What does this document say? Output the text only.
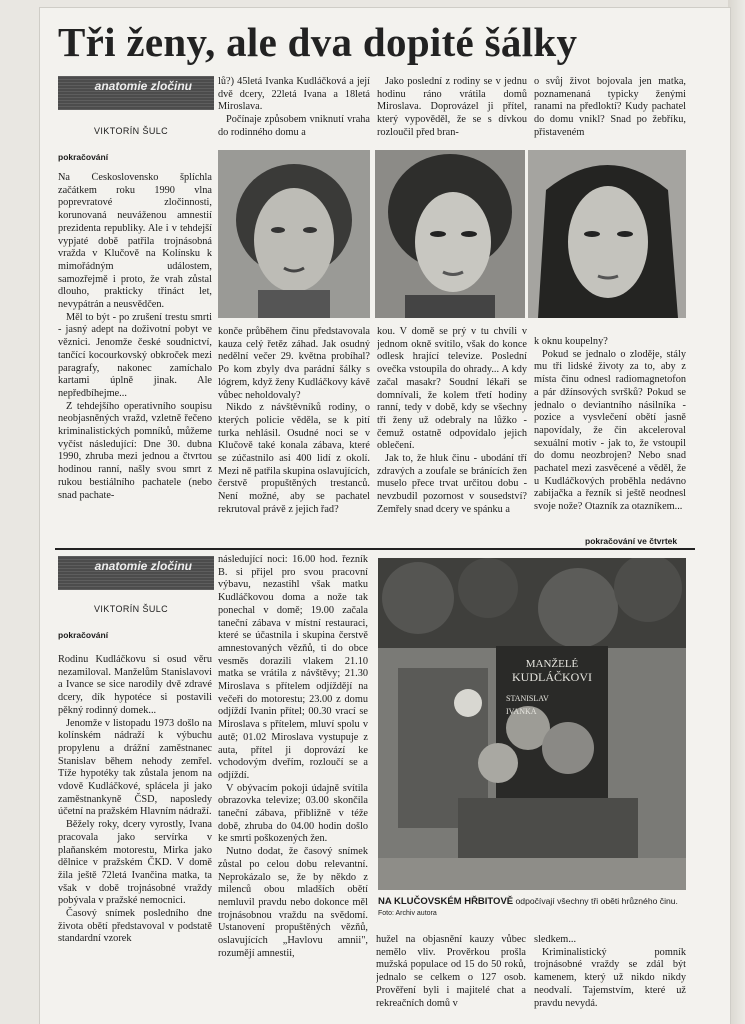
Tři ženy, ale dva dopité šálky
anatomie zločinu
VIKTORÍN ŠULC
pokračování

Na Československo šplíchla začátkem roku 1990 vlna poprevratové zločinnosti, korunovaná neuváženou amnestií prezidenta republiky. Ale i v tehdejší vypjaté době patřila trojnásobná vražda v Klučově na Kolínsku k mimořádným událostem, samozřejmě i proto, že vrah zůstal dlouho, prakticky třináct let, nevypátrán a neusvědčen.

Měl to být - po zrušení trestu smrti - jasný adept na doživotní pobyt ve věznici. Jenomže české soudnictví, tančící kocourkovský obkroček mezi paragrafy, nakonec zamíchalo kartami úplně jinak. Ale nepředbíhejme...

Z tehdejšího operativního soupisu neobjasněných vražd, vzletně řečeno kriminalistických pomníků, můžeme vyčíst následující: Dne 30. dubna 1990, zhruba mezi jednou a čtvrtou hodinou ranní, našly svou smrt z rukou bestiálního pachatele (nebo snad pachate-

lů?) 45letá Ivanka Kudláčková a její dvě dcery, 22letá Ivana a 18letá Miroslava.

Počínaje způsobem vniknutí vraha do rodinného domu a

Jako poslední z rodiny se v jednu hodinu ráno vrátila domů Miroslava. Doprovázel ji přítel, který vypověděl, že se s dívkou rozloučil před bran-

o svůj život bojovala jen matka, poznamenaná typicky ženými ranami na předloktí? Kudy pachatel do domu vnikl? Snad po žebříku, přistaveném

konče průběhem činu představovala kauza celý řetěz záhad. Jak osudný nedělní večer 29. května probíhal? Po kom zbyly dva parádní šálky s lógrem, když ženy Kudláčkovy kávě vůbec neholdovaly?

Nikdo z návštěvníků rodiny, o kterých policie věděla, se k pití turka nehlásil. Osudné noci se v Klučově také konala zábava, které se zúčastnilo asi 400 lidí z okolí. Mezi ně patřila skupina oslavujících, čerstvě propuštěných trestanců. Není možné, aby se pachatel rekrutoval právě z jejich řad?

kou. V domě se prý v tu chvíli v jednom okně svítilo, však do konce odlesk hrající televize. Poslední ovečka vstoupila do ohrady... A kdy začal masakr? Soudní lékaři se domnívali, že kolem třetí hodiny ranní, tedy v době, kdy se všechny tři ženy už odebraly na lůžko - čemuž ostatně odpovídalo jejich oblečení.

Jak to, že hluk činu - ubodání tří zdravých a zoufale se bránících žen muselo přece trvat určitou dobu - nevzbudil pozornost v sousedství? Zemřely snad dcery ve spánku a

k oknu koupelny?

Pokud se jednalo o zloděje, stály mu tři lidské životy za to, aby z místa činu odnesl radiomagnetofon a pár džínsových svršků? Pokud se jednalo o deviantního násilníka - pozice a vysvlečení obětí jasně napovídaly, že čin akceleroval sexuální motiv - jak to, že vstoupil do domu neozbrojen? Nebo snad pachatel mezi zasvěcené a věděl, že u Kudláčkových proběhla nedávno zabijačka a řezník si ještě neodnesl svoje nože? Otazník za otazníkem...

pokračování ve čtvrtek
anatomie zločinu
VIKTORÍN ŠULC
pokračování

Rodinu Kudláčkovu si osud věru nezamiloval. Manželům Stanislavovi a Ivance se sice narodily dvě zdravé dcery, dík hypotéce si postavili pěkný rodinný domek...

Jenomže v listopadu 1973 došlo na kolínském nádraží k výbuchu propylenu a drážní zaměstnanec Stanislav během nehody zemřel. Tíže hypotéky tak zůstala jenom na vdově Kudláčkové, splácela ji jako zaměstnankyně ČSD, naposledy účetní na pražském Hlavním nádraží.

Běžely roky, dcery vyrostly, Ivana pracovala jako servírka v plaňanském motorestu, Mirka jako dělnice v pražském ČKD. V domě žila ještě 72letá Ivančina matka, ta však v době trojnásobné vraždy pobývala v pražské nemocnici.

Časový snímek posledního dne života obětí představoval v podstatě standardní vzorek

následující noci: 16.00 hod. řezník B. si přijel pro svou pracovní výbavu, nezastihl však matku Kudláčkovou doma a nože tak ponechal v domě; 19.00 začala taneční zábava v místní restauraci, které se účastnila i skupina čerstvě amnestovaných vězňů, ti do obce vesměs dorazili vlakem 21.10 matka se vrátila z návštěvy; 21.30 Miroslava s přítelem odjíždějí na večeři do motorestu; 23.00 z domu odjíždí Ivanin přítel; 00.30 vrací se Miroslava s přítelem, mluví spolu v autě; 01.02 Miroslava vystupuje z auta, přítel ji doprovází ke vchodovým dveřím, rozloučí se a odjíždí.

V obývacím pokoji údajně svítila obrazovka televize; 03.00 skončila taneční zábava, přibližně v téže době, zhruba do 04.00 hodin došlo ke smrti poškozených žen.

Nutno dodat, že časový snímek zůstal po celou dobu relevantní. Neprokázalo se, že by někdo z milenců obou mladších obětí nemluvil pravdu nebo dokonce měl trojnásobnou vraždu na svědomí. Ustanovení propuštěných vězňů, oslavujících „Havlovu amnii", rozumějí amnestii,

MANŽELÉ
KUDLÁČKOVI
STANISLAV
IVANKA
NA KLUČOVSKÉM HŘBITOVĚ odpočívají všechny tři oběti hrůzného činu. Foto: Archiv autora

hužel na objasnění kauzy vůbec nemělo vliv. Prověrkou prošla mužská populace od 15 do 50 roků, jednalo se celkem o 127 osob. Prověření byli i majitelé chat a rekreačních domů v

sledkem...

Kriminalistický pomník trojnásobné vraždy se zdál být kamenem, který už nikdo nikdy neodvalí. Tajemstvím, které už pravdu nevydá.
